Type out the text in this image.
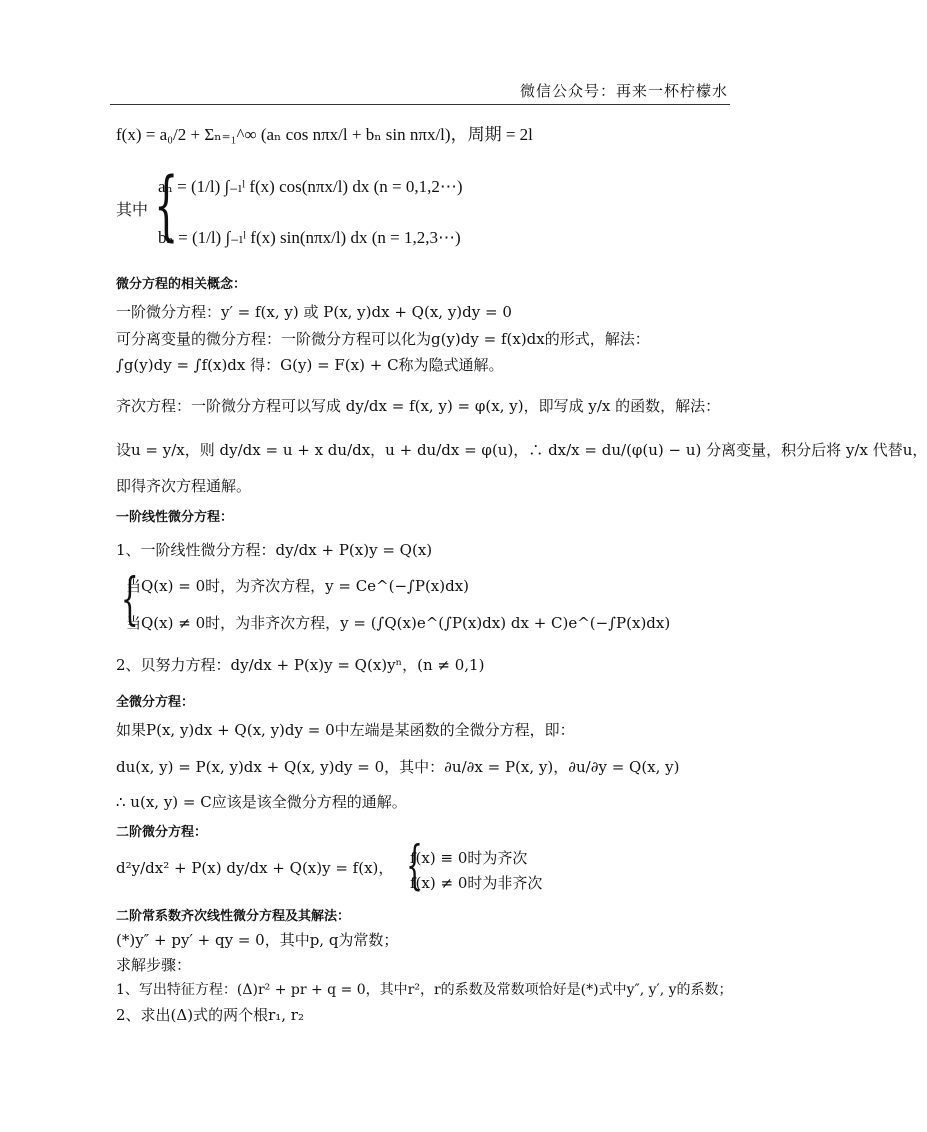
微信公众号：再来一杯柠檬水
f(x) = a₀/2 + Σₙ₌₁^∞ (aₙ cos nπx/l + bₙ sin nπx/l)，周期 = 2l
其中 {
aₙ = (1/l) ∫₋ₗˡ f(x) cos(nπx/l) dx (n = 0,1,2⋯)
bₙ = (1/l) ∫₋ₗˡ f(x) sin(nπx/l) dx (n = 1,2,3⋯)
微分方程的相关概念：
一阶微分方程：y′ = f(x, y) 或 P(x, y)dx + Q(x, y)dy = 0
可分离变量的微分方程：一阶微分方程可以化为g(y)dy = f(x)dx的形式，解法：
∫g(y)dy = ∫f(x)dx 得：G(y) = F(x) + C称为隐式通解。
齐次方程：一阶微分方程可以写成 dy/dx = f(x, y) = φ(x, y)，即写成 y/x 的函数，解法：
设u = y/x，则 dy/dx = u + x du/dx，u + du/dx = φ(u)，∴ dx/x = du/(φ(u) − u) 分离变量，积分后将 y/x 代替u，
即得齐次方程通解。
一阶线性微分方程：
1、一阶线性微分方程：dy/dx + P(x)y = Q(x)
{
当Q(x) = 0时，为齐次方程，y = Ce^(−∫P(x)dx)
当Q(x) ≠ 0时，为非齐次方程，y = (∫Q(x)e^(∫P(x)dx) dx + C)e^(−∫P(x)dx)
2、贝努力方程：dy/dx + P(x)y = Q(x)yⁿ，(n ≠ 0,1)
全微分方程：
如果P(x, y)dx + Q(x, y)dy = 0中左端是某函数的全微分方程，即：
du(x, y) = P(x, y)dx + Q(x, y)dy = 0，其中：∂u/∂x = P(x, y)，∂u/∂y = Q(x, y)
∴ u(x, y) = C应该是该全微分方程的通解。
二阶微分方程：
d²y/dx² + P(x) dy/dx + Q(x)y = f(x)， {
f(x) ≡ 0时为齐次
f(x) ≠ 0时为非齐次
二阶常系数齐次线性微分方程及其解法：
(*)y″ + py′ + qy = 0，其中p, q为常数；
求解步骤：
1、写出特征方程：(Δ)r² + pr + q = 0，其中r²，r的系数及常数项恰好是(*)式中y″, y′, y的系数；
2、求出(Δ)式的两个根r₁, r₂
